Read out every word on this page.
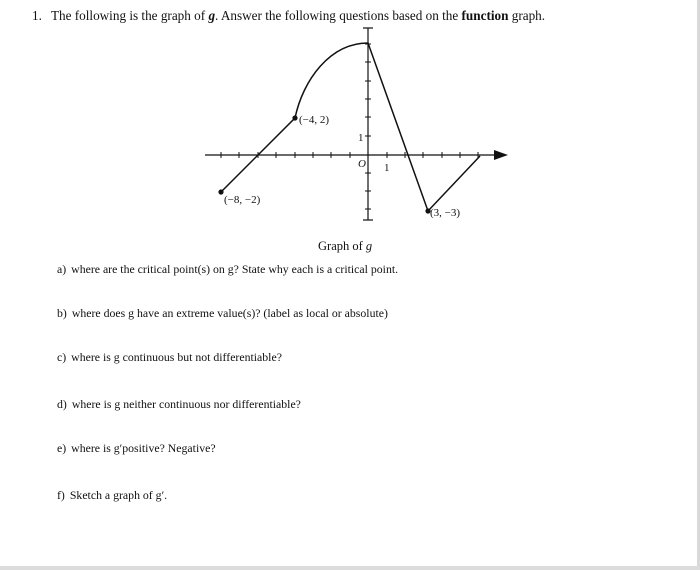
1. The following is the graph of g. Answer the following questions based on the function graph.
(−8, −2)
(−4, 2)
(3, −3)
1
1
O
Graph of g
a) where are the critical point(s) on g? State why each is a critical point.
b) where does g have an extreme value(s)? (label as local or absolute)
c) where is g continuous but not differentiable?
d) where is g neither continuous nor differentiable?
e) where is g′positive? Negative?
f) Sketch a graph of g′.
